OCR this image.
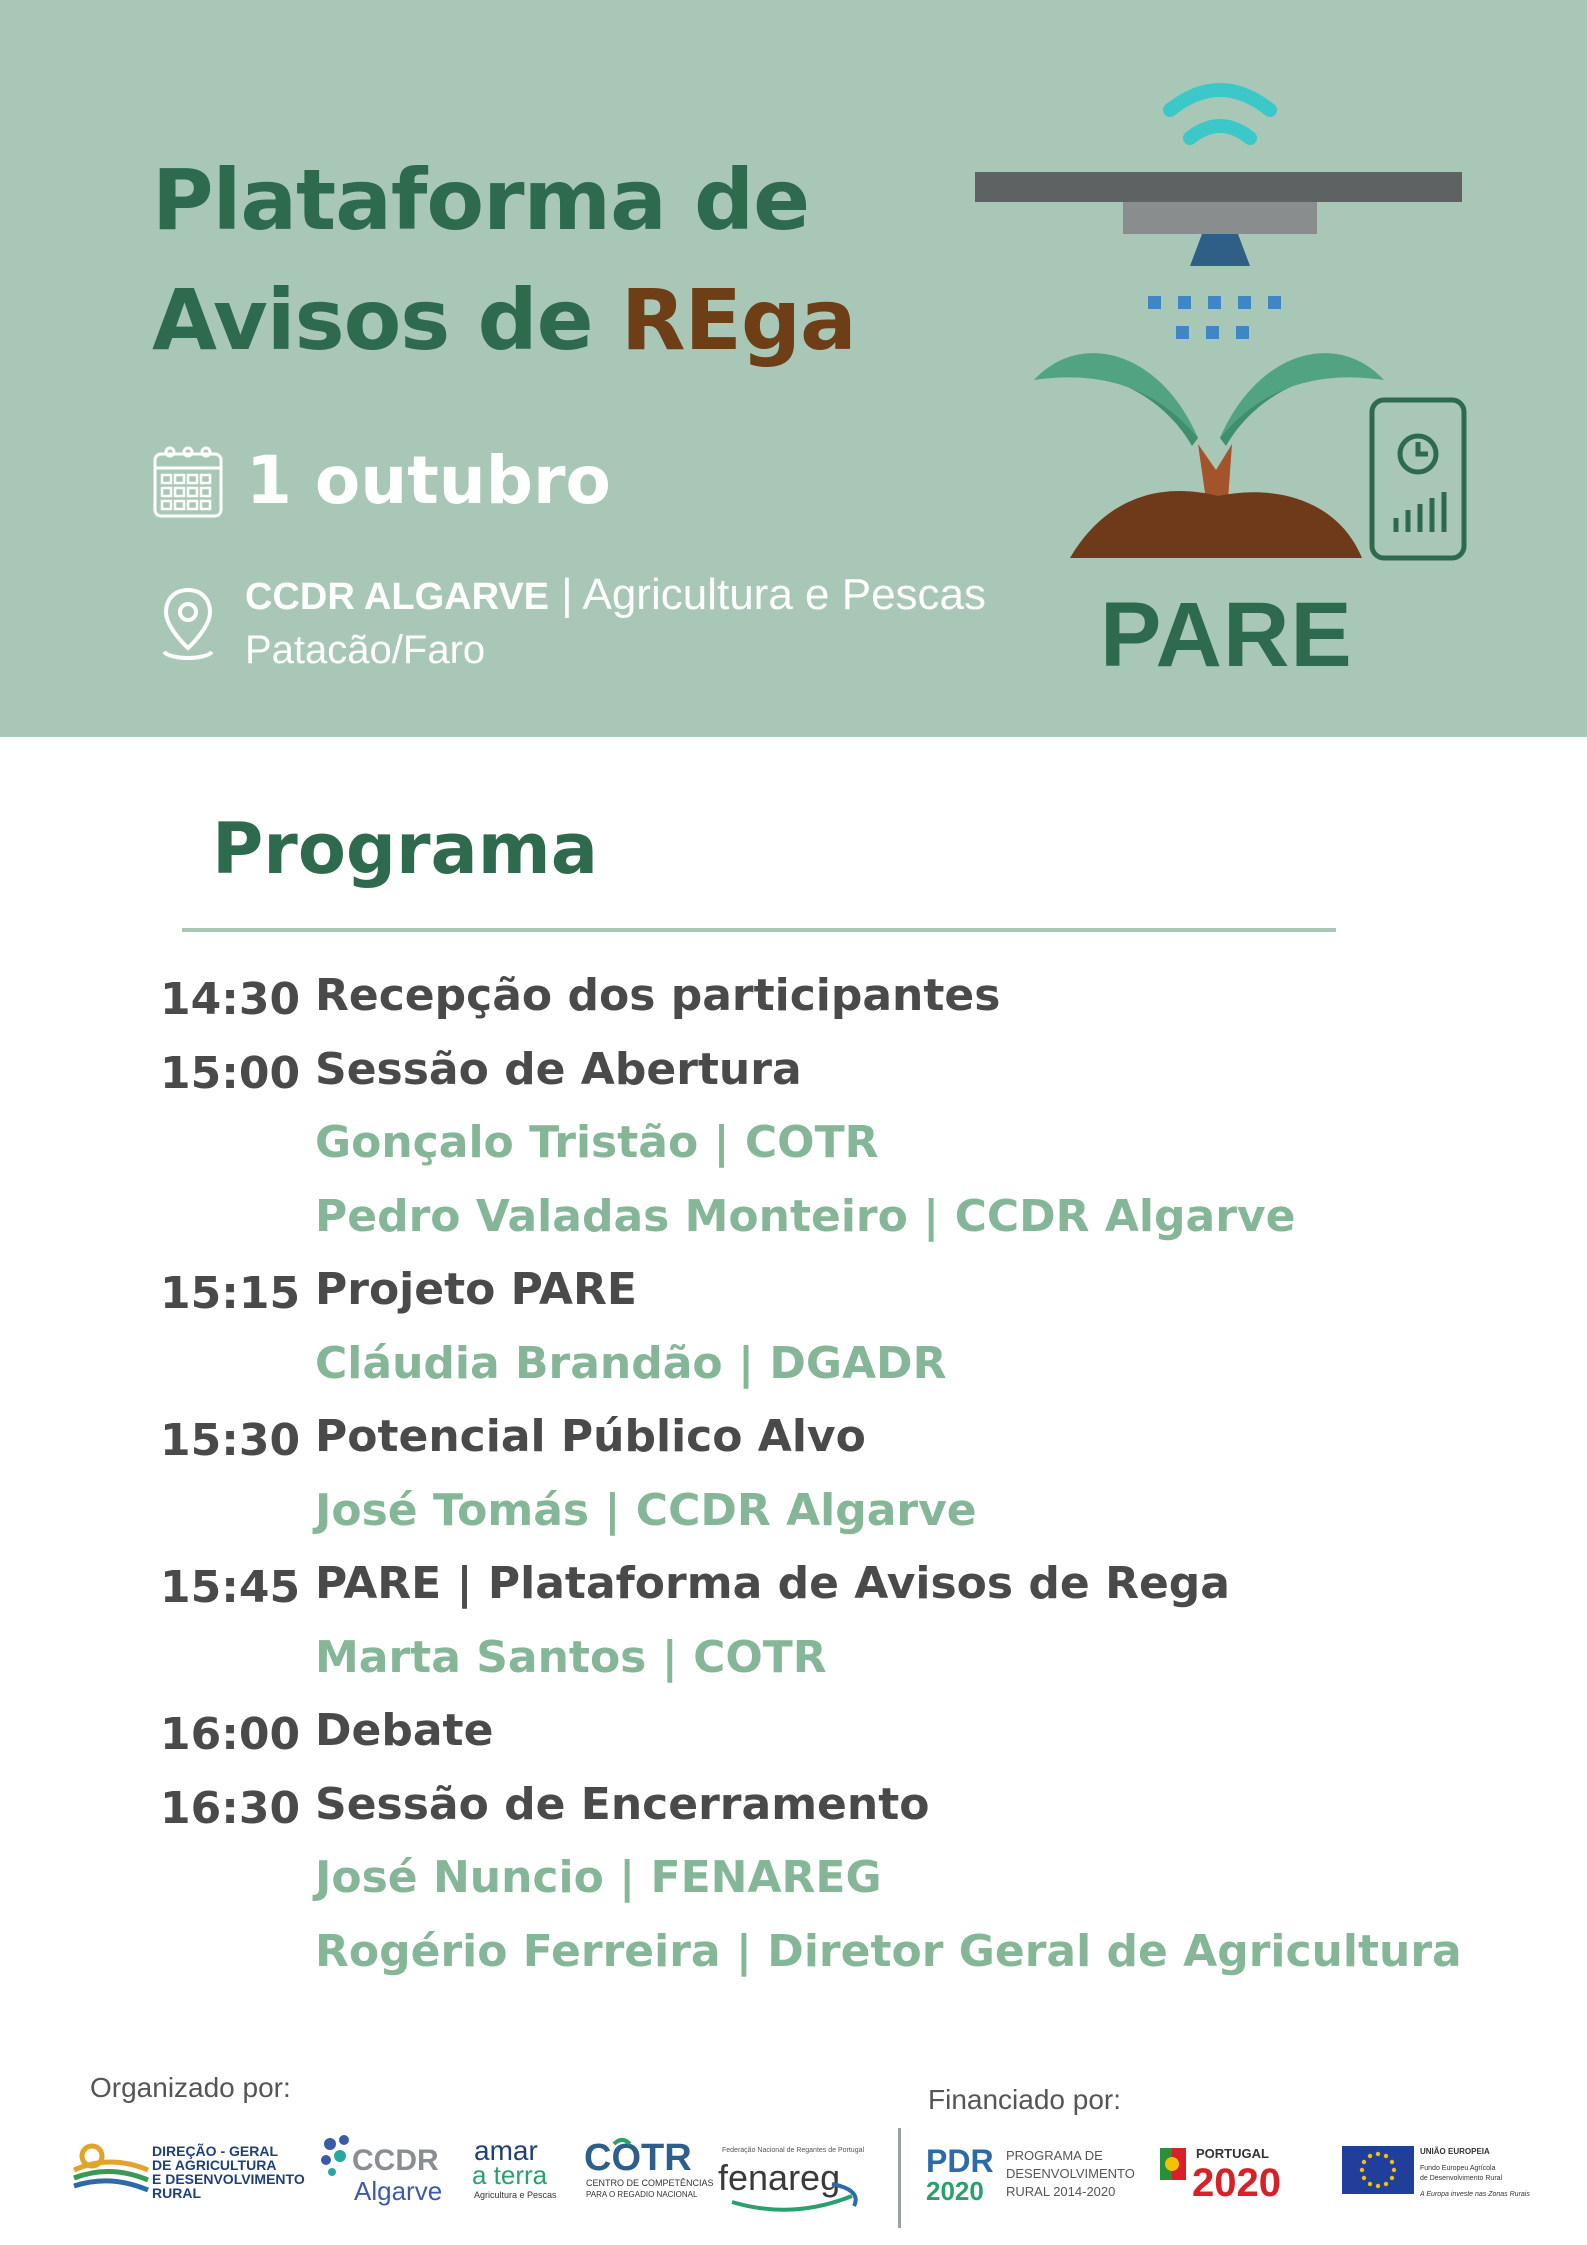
Plataforma de
Avisos de REga
1 outubro
CCDR ALGARVE | Agricultura e Pescas
Patacão/Faro	PARE
Programa
14:30 Recepção dos participantes
15:00 Sessão de Abertura
Gonçalo Tristão | COTR
Pedro Valadas Monteiro | CCDR Algarve
15:15 Projeto PARE
Cláudia Brandão | DGADR
15:30 Potencial Público Alvo
José Tomás | CCDR Algarve
15:45 PARE | Plataforma de Avisos de Rega
Marta Santos | COTR
16:00 Debate
16:30 Sessão de Encerramento
José Nuncio | FENAREG
Rogério Ferreira | Diretor Geral de Agricultura
Organizado por:	Financiado por:
DIREÇÃO - GERAL
DE AGRICULTURA
E DESENVOLVIMENTO
RURAL
CCDR
Algarve
amar
a terra
Agricultura e Pescas
COTR
CENTRO DE COMPETÊNCIAS
PARA O REGADIO NACIONAL
Federação Nacional de Regantes de Portugal
fenareg	PDR
2020
PROGRAMA DE
DESENVOLVIMENTO
RURAL 2014-2020
PORTUGAL
2020
UNIÃO EUROPEIA
Fundo Europeu Agrícola
de Desenvolvimento Rural
A Europa investe nas Zonas Rurais
